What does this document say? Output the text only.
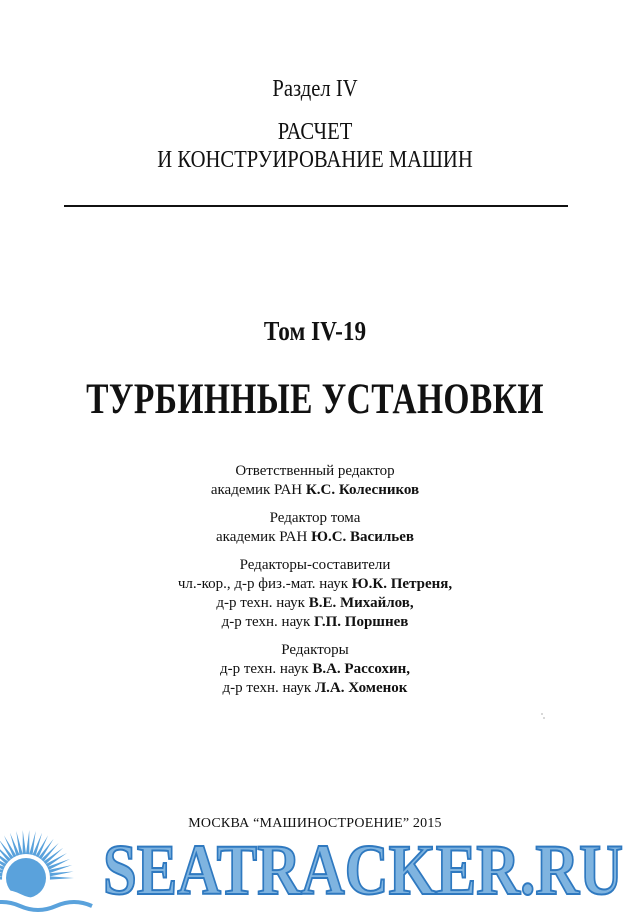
Раздел IV
РАСЧЕТ
И КОНСТРУИРОВАНИЕ МАШИН
Том IV-19
ТУРБИННЫЕ УСТАНОВКИ
Ответственный редактор
академик РАН К.С. Колесников
Редактор тома
академик РАН Ю.С. Васильев
Редакторы-составители
чл.-кор., д-р физ.-мат. наук Ю.К. Петреня,
д-р техн. наук В.Е. Михайлов,
д-р техн. наук Г.П. Поршнев
Редакторы
д-р техн. наук В.А. Рассохин,
д-р техн. наук Л.А. Хоменок
МОСКВА “МАШИНОСТРОЕНИЕ” 2015
SEATRACKER.RU
